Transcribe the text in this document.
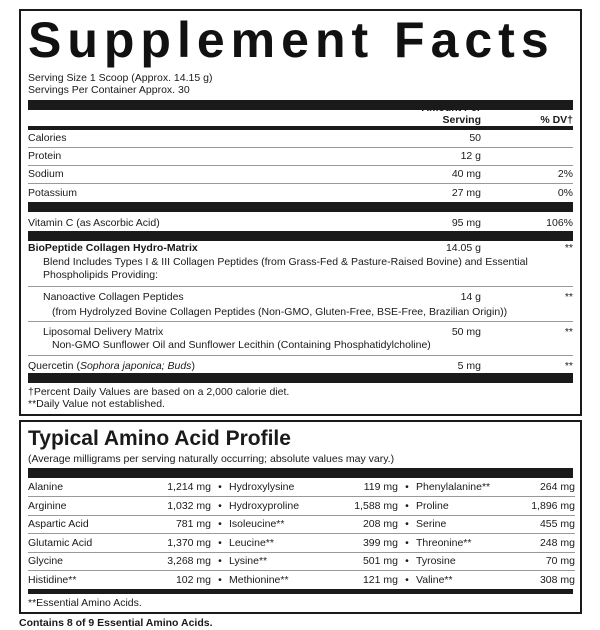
Supplement Facts
Serving Size 1 Scoop (Approx. 14.15 g)
Servings Per Container Approx. 30
Amount Per Serving	% DV†
Calories	50
Protein	12 g
Sodium	40 mg	2%
Potassium	27 mg	0%
Vitamin C (as Ascorbic Acid)	95 mg	106%
BioPeptide Collagen Hydro-Matrix	14.05 g	**
Blend Includes Types I & III Collagen Peptides (from Grass-Fed & Pasture-Raised Bovine) and Essential Phospholipids Providing:
Nanoactive Collagen Peptides	14 g	**
(from Hydrolyzed Bovine Collagen Peptides (Non-GMO, Gluten-Free, BSE-Free, Brazilian Origin))
Liposomal Delivery Matrix	50 mg	**
Non-GMO Sunflower Oil and Sunflower Lecithin (Containing Phosphatidylcholine)
Quercetin (Sophora japonica; Buds)	5 mg	**
†Percent Daily Values are based on a 2,000 calorie diet.
**Daily Value not established.
Typical Amino Acid Profile
(Average milligrams per serving naturally occurring; absolute values may vary.)
Alanine	1,214 mg	•	Hydroxylysine	119 mg	•	Phenylalanine**	264 mg
Arginine	1,032 mg	•	Hydroxyproline	1,588 mg	•	Proline	1,896 mg
Aspartic Acid	781 mg	•	Isoleucine**	208 mg	•	Serine	455 mg
Glutamic Acid	1,370 mg	•	Leucine**	399 mg	•	Threonine**	248 mg
Glycine	3,268 mg	•	Lysine**	501 mg	•	Tyrosine	70 mg
Histidine**	102 mg	•	Methionine**	121 mg	•	Valine**	308 mg
**Essential Amino Acids.
Contains 8 of 9 Essential Amino Acids.
